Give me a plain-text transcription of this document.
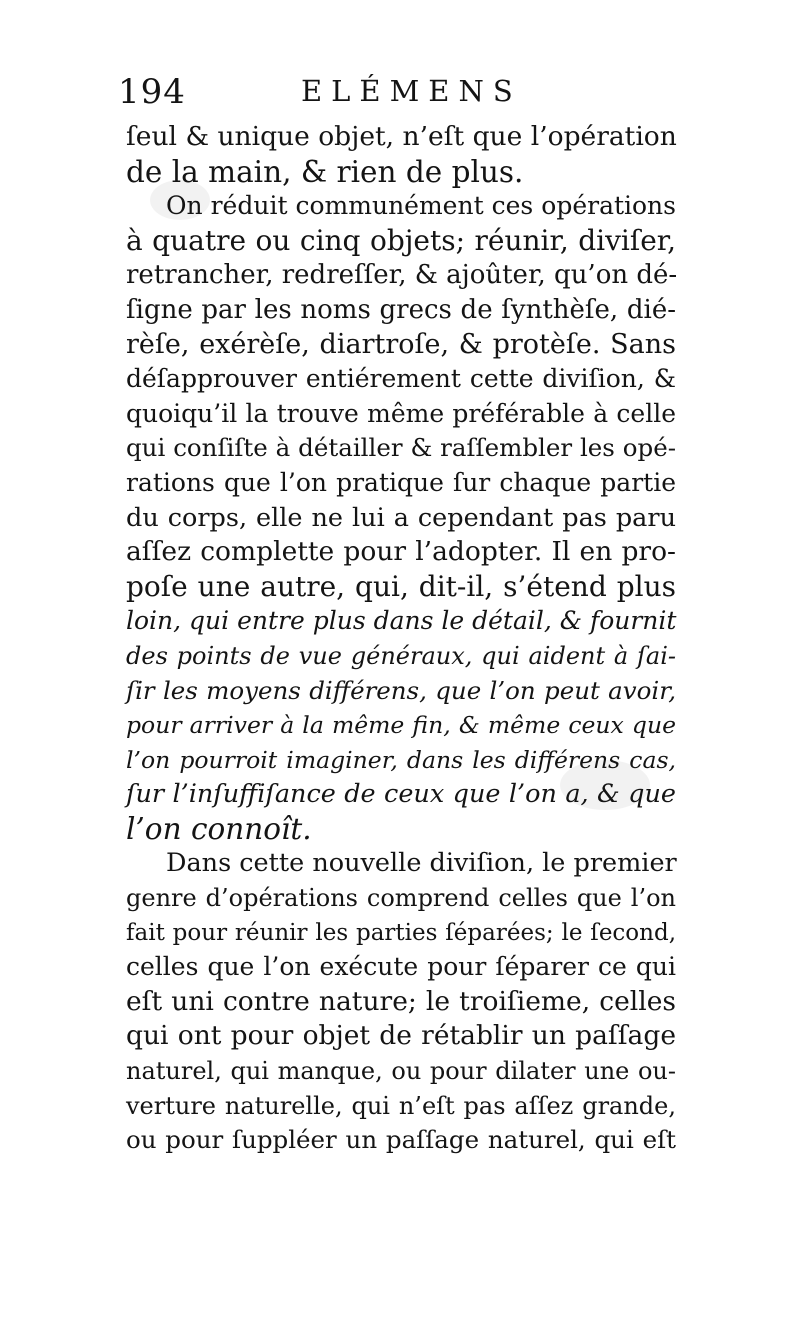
194	ELÉMENS
ſeul & unique objet, n’eſt que l’opération
de la main, & rien de plus.
On réduit communément ces opérations
à quatre ou cinq objets; réunir, diviſer,
retrancher, redreſſer, & ajoûter, qu’on dé-
ſigne par les noms grecs de ſynthèſe, dié-
rèſe, exérèſe, diartroſe, & protèſe. Sans
déſapprouver entiérement cette diviſion, &
quoiqu’il la trouve même préférable à celle
qui conſiſte à détailler & raſſembler les opé-
rations que l’on pratique ſur chaque partie
du corps, elle ne lui a cependant pas paru
aſſez complette pour l’adopter. Il en pro-
poſe une autre, qui, dit-il, s’étend plus
loin, qui entre plus dans le détail, & fournit
des points de vue généraux, qui aident à ſai-
ſir les moyens différens, que l’on peut avoir,
pour arriver à la même fin, & même ceux que
l’on pourroit imaginer, dans les différens cas,
ſur l’inſuffiſance de ceux que l’on a, & que
l’on connoît.
Dans cette nouvelle diviſion, le premier
genre d’opérations comprend celles que l’on
fait pour réunir les parties ſéparées; le ſecond,
celles que l’on exécute pour ſéparer ce qui
eſt uni contre nature; le troiſieme, celles
qui ont pour objet de rétablir un paſſage
naturel, qui manque, ou pour dilater une ou-
verture naturelle, qui n’eſt pas aſſez grande,
ou pour ſuppléer un paſſage naturel, qui eſt
